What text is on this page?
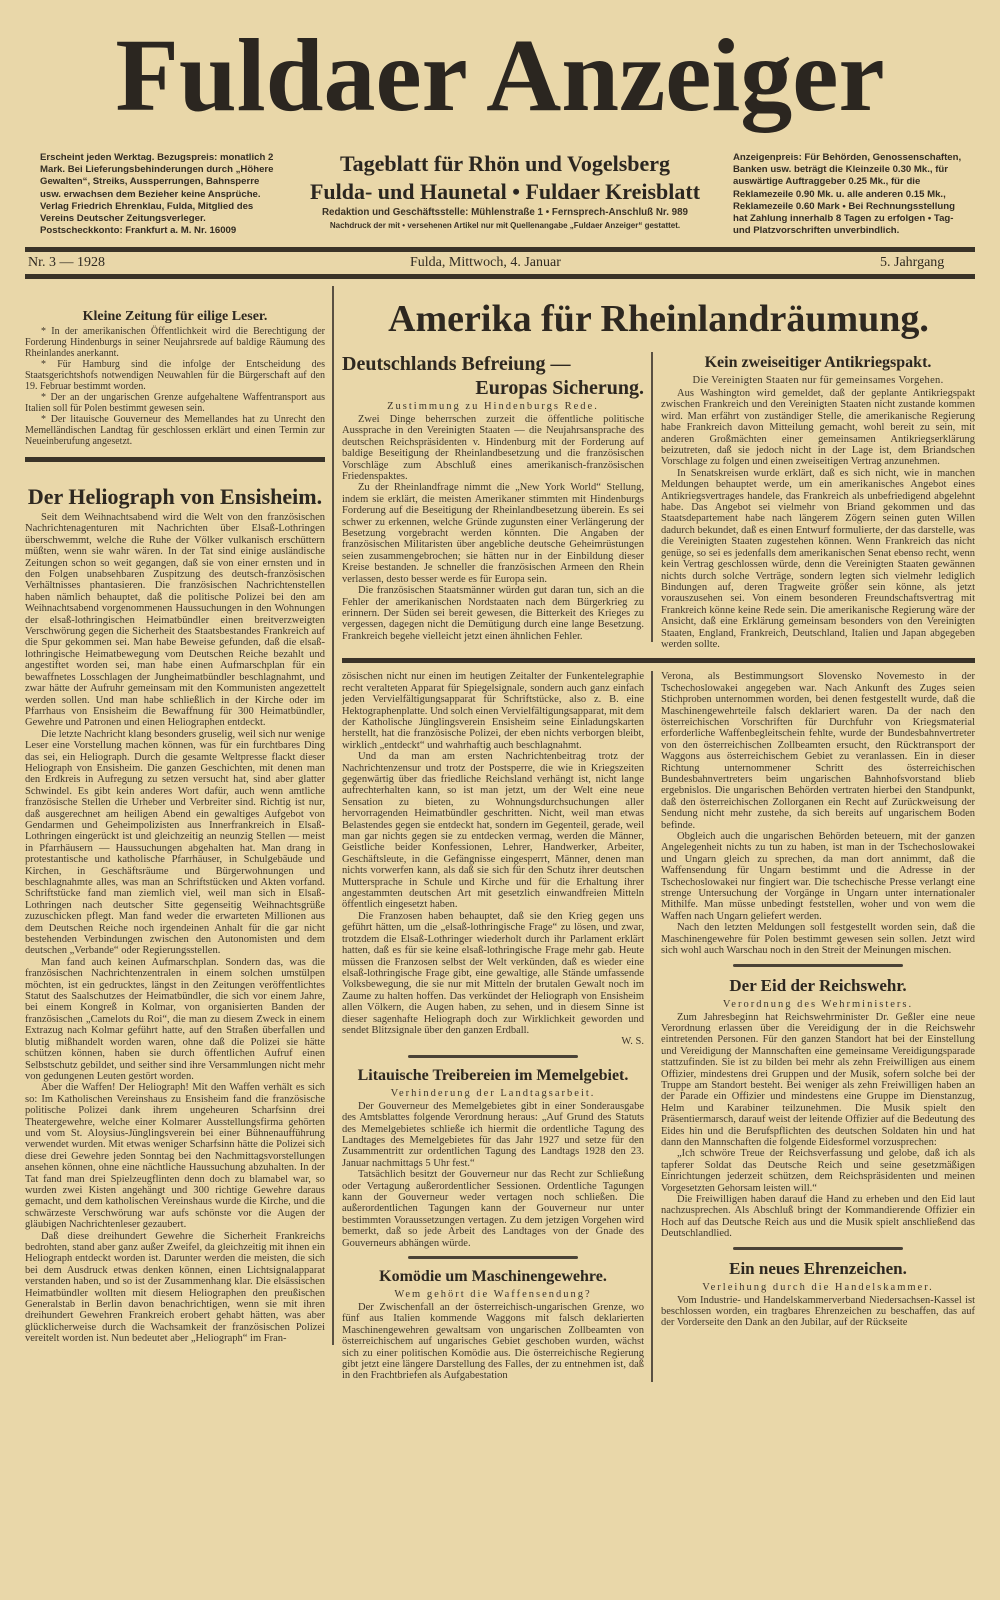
Fuldaer Anzeiger
Erscheint jeden Werktag. Bezugspreis: monatlich 2 Mark. Bei Lieferungsbehinderungen durch „Höhere Gewalten“, Streiks, Aussperrungen, Bahnsperre usw. erwachsen dem Bezieher keine Ansprüche. Verlag Friedrich Ehrenklau, Fulda, Mitglied des Vereins Deutscher Zeitungsverleger. Postscheckkonto: Frankfurt a. M. Nr. 16009
Tageblatt für Rhön und Vogelsberg
Fulda- und Haunetal • Fuldaer Kreisblatt
Redaktion und Geschäftsstelle: Mühlenstraße 1 • Fernsprech-Anschluß Nr. 989
Nachdruck der mit • versehenen Artikel nur mit Quellenangabe „Fuldaer Anzeiger“ gestattet.
Anzeigenpreis: Für Behörden, Genossenschaften, Banken usw. beträgt die Kleinzeile 0.30 Mk., für auswärtige Auftraggeber 0.25 Mk., für die Reklamezeile 0.90 Mk. u. alle anderen 0.15 Mk., Reklamezeile 0.60 Mark • Bei Rechnungsstellung hat Zahlung innerhalb 8 Tagen zu erfolgen • Tag- und Platzvorschriften unverbindlich.
Nr. 3 — 1928	Fulda, Mittwoch, 4. Januar	5. Jahrgang
Kleine Zeitung für eilige Leser.

* In der amerikanischen Öffentlichkeit wird die Berechtigung der Forderung Hindenburgs in seiner Neujahrsrede auf baldige Räumung des Rheinlandes anerkannt.

* Für Hamburg sind die infolge der Entscheidung des Staatsgerichtshofs notwendigen Neuwahlen für die Bürgerschaft auf den 19. Februar bestimmt worden.

* Der an der ungarischen Grenze aufgehaltene Waffentransport aus Italien soll für Polen bestimmt gewesen sein.

* Der litauische Gouverneur des Memellandes hat zu Unrecht den Memelländischen Landtag für geschlossen erklärt und einen Termin zur Neueinberufung angesetzt.

Der Heliograph von Ensisheim.

Seit dem Weihnachtsabend wird die Welt von den französischen Nachrichtenagenturen mit Nachrichten über Elsaß-Lothringen überschwemmt, welche die Ruhe der Völker vulkanisch erschüttern müßten, wenn sie wahr wären. In der Tat sind einige ausländische Zeitungen schon so weit gegangen, daß sie von einer ernsten und in den Folgen unabsehbaren Zuspitzung des deutsch-französischen Verhältnisses phantasieren. Die französischen Nachrichtenstellen haben nämlich behauptet, daß die politische Polizei bei den am Weihnachtsabend vorgenommenen Haussuchungen in den Wohnungen der elsaß-lothringischen Heimatbündler einen breitverzweigten Verschwörung gegen die Sicherheit des Staatsbestandes Frankreich auf die Spur gekommen sei. Man habe Beweise gefunden, daß die elsaß-lothringische Heimatbewegung vom Deutschen Reiche bezahlt und angestiftet worden sei, man habe einen Aufmarschplan für ein bewaffnetes Losschlagen der Jungheimatbündler beschlagnahmt, und zwar hätte der Aufruhr gemeinsam mit den Kommunisten angezettelt werden sollen. Und man habe schließlich in der Kirche oder im Pfarrhaus von Ensisheim die Bewaffnung für 300 Heimatbündler, Gewehre und Patronen und einen Heliographen entdeckt.

Die letzte Nachricht klang besonders gruselig, weil sich nur wenige Leser eine Vorstellung machen können, was für ein furchtbares Ding das sei, ein Heliograph. Durch die gesamte Weltpresse flackt dieser Heliograph von Ensisheim. Die ganzen Geschichten, mit denen man den Erdkreis in Aufregung zu setzen versucht hat, sind aber glatter Schwindel. Es gibt kein anderes Wort dafür, auch wenn amtliche französische Stellen die Urheber und Verbreiter sind. Richtig ist nur, daß ausgerechnet am heiligen Abend ein gewaltiges Aufgebot von Gendarmen und Geheimpolizisten aus Innerfrankreich in Elsaß-Lothringen eingerückt ist und gleichzeitig an neunzig Stellen — meist in Pfarrhäusern — Haussuchungen abgehalten hat. Man drang in protestantische und katholische Pfarrhäuser, in Schulgebäude und Kirchen, in Geschäftsräume und Bürgerwohnungen und beschlagnahmte alles, was man an Schriftstücken und Akten vorfand. Schriftstücke fand man ziemlich viel, weil man sich in Elsaß-Lothringen nach deutscher Sitte gegenseitig Weihnachtsgrüße zuzuschicken pflegt. Man fand weder die erwarteten Millionen aus dem Deutschen Reiche noch irgendeinen Anhalt für die gar nicht bestehenden Verbindungen zwischen den Autonomisten und dem deutschen „Verbande“ oder Regierungsstellen.

Man fand auch keinen Aufmarschplan. Sondern das, was die französischen Nachrichtenzentralen in einem solchen umstülpen möchten, ist ein gedrucktes, längst in den Zeitungen veröffentlichtes Statut des Saalschutzes der Heimatbündler, die sich vor einem Jahre, bei einem Kongreß in Kolmar, von organisierten Banden der französischen „Camelots du Roi“, die man zu diesem Zweck in einem Extrazug nach Kolmar geführt hatte, auf den Straßen überfallen und blutig mißhandelt worden waren, ohne daß die Polizei sie hätte schützen können, haben sie durch öffentlichen Aufruf einen Selbstschutz gebildet, und seither sind ihre Versammlungen nicht mehr von gedungenen Leuten gestört worden.

Aber die Waffen! Der Heliograph! Mit den Waffen verhält es sich so: Im Katholischen Vereinshaus zu Ensisheim fand die französische politische Polizei dank ihrem ungeheuren Scharfsinn drei Theatergewehre, welche einer Kolmarer Ausstellungsfirma gehörten und vom St. Aloysius-Jünglingsverein bei einer Bühnenaufführung verwendet wurden. Mit etwas weniger Scharfsinn hätte die Polizei sich diese drei Gewehre jeden Sonntag bei den Nachmittagsvorstellungen ansehen können, ohne eine nächtliche Haussuchung abzuhalten. In der Tat fand man drei Spielzeugflinten denn doch zu blamabel war, so wurden zwei Kisten angehängt und 300 richtige Gewehre daraus gemacht, und dem katholischen Vereinshaus wurde die Kirche, und die schwärzeste Verschwörung war aufs schönste vor die Augen der gläubigen Nachrichtenleser gezaubert.

Daß diese dreihundert Gewehre die Sicherheit Frankreichs bedrohten, stand aber ganz außer Zweifel, da gleichzeitig mit ihnen ein Heliograph entdeckt worden ist. Darunter werden die meisten, die sich bei dem Ausdruck etwas denken können, einen Lichtsignalapparat verstanden haben, und so ist der Zusammenhang klar. Die elsässischen Heimatbündler wollten mit diesem Heliographen den preußischen Generalstab in Berlin davon benachrichtigen, wenn sie mit ihren dreihundert Gewehren Frankreich erobert gehabt hätten, was aber glücklicherweise durch die Wachsamkeit der französischen Polizei vereitelt worden ist. Nun bedeutet aber „Heliograph“ im Fran-

Amerika für Rheinlandräumung.
Deutschlands Befreiung —
Europas Sicherung.
Zustimmung zu Hindenburgs Rede.

Zwei Dinge beherrschen zurzeit die öffentliche politische Aussprache in den Vereinigten Staaten — die Neujahrsansprache des deutschen Reichspräsidenten v. Hindenburg mit der Forderung auf baldige Beseitigung der Rheinlandbesetzung und die französischen Vorschläge zum Abschluß eines amerikanisch-französischen Friedenspaktes.

Zu der Rheinlandfrage nimmt die „New York World“ Stellung, indem sie erklärt, die meisten Amerikaner stimmten mit Hindenburgs Forderung auf die Beseitigung der Rheinlandbesetzung überein. Es sei schwer zu erkennen, welche Gründe zugunsten einer Verlängerung der Besetzung vorgebracht werden könnten. Die Angaben der französischen Militaristen über angebliche deutsche Geheimrüstungen seien zusammengebrochen; sie hätten nur in der Einbildung dieser Kreise bestanden. Je schneller die französischen Armeen den Rhein verlassen, desto besser werde es für Europa sein.

Die französischen Staatsmänner würden gut daran tun, sich an die Fehler der amerikanischen Nordstaaten nach dem Bürgerkrieg zu erinnern. Der Süden sei bereit gewesen, die Bitterkeit des Krieges zu vergessen, dagegen nicht die Demütigung durch eine lange Besetzung. Frankreich begehe vielleicht jetzt einen ähnlichen Fehler.

Kein zweiseitiger Antikriegspakt.
Die Vereinigten Staaten nur für gemeinsames Vorgehen.

Aus Washington wird gemeldet, daß der geplante Antikriegspakt zwischen Frankreich und den Vereinigten Staaten nicht zustande kommen wird. Man erfährt von zuständiger Stelle, die amerikanische Regierung habe Frankreich davon Mitteilung gemacht, wohl bereit zu sein, mit anderen Großmächten einer gemeinsamen Antikriegserklärung beizutreten, daß sie jedoch nicht in der Lage ist, dem Briandschen Vorschlage zu folgen und einen zweiseitigen Vertrag anzunehmen.

In Senatskreisen wurde erklärt, daß es sich nicht, wie in manchen Meldungen behauptet werde, um ein amerikanisches Angebot eines Antikriegsvertrages handele, das Frankreich als unbefriedigend abgelehnt habe. Das Angebot sei vielmehr von Briand gekommen und das Staatsdepartement habe nach längerem Zögern seinen guten Willen dadurch bekundet, daß es einen Entwurf formulierte, der das darstelle, was die Vereinigten Staaten zugestehen können. Wenn Frankreich das nicht genüge, so sei es jedenfalls dem amerikanischen Senat ebenso recht, wenn kein Vertrag geschlossen würde, denn die Vereinigten Staaten gewännen nichts durch solche Verträge, sondern legten sich vielmehr lediglich Bindungen auf, deren Tragweite größer sein könne, als jetzt vorauszusehen sei. Von einem besonderen Freundschaftsvertrag mit Frankreich könne keine Rede sein. Die amerikanische Regierung wäre der Ansicht, daß eine Erklärung gemeinsam besonders von den Vereinigten Staaten, England, Frankreich, Deutschland, Italien und Japan abgegeben werden sollte.

zösischen nicht nur einen im heutigen Zeitalter der Funkentelegraphie recht veralteten Apparat für Spiegelsignale, sondern auch ganz einfach jeden Vervielfältigungsapparat für Schriftstücke, also z. B. eine Hektographenplatte. Und solch einen Vervielfältigungsapparat, mit dem der Katholische Jünglingsverein Ensisheim seine Einladungskarten herstellt, hat die französische Polizei, der eben nichts verborgen bleibt, wirklich „entdeckt“ und wahrhaftig auch beschlagnahmt.

Und da man am ersten Nachrichtenbeitrag trotz der Nachrichtenzensur und trotz der Postsperre, die wie in Kriegszeiten gegenwärtig über das friedliche Reichsland verhängt ist, nicht lange aufrechterhalten kann, so ist man jetzt, um der Welt eine neue Sensation zu bieten, zu Wohnungsdurchsuchungen aller hervorragenden Heimatbündler geschritten. Nicht, weil man etwas Belastendes gegen sie entdeckt hat, sondern im Gegenteil, gerade, weil man gar nichts gegen sie zu entdecken vermag, werden die Männer, Geistliche beider Konfessionen, Lehrer, Handwerker, Arbeiter, Geschäftsleute, in die Gefängnisse eingesperrt, Männer, denen man nichts vorwerfen kann, als daß sie sich für den Schutz ihrer deutschen Muttersprache in Schule und Kirche und für die Erhaltung ihrer angestammten deutschen Art mit gesetzlich einwandfreien Mitteln öffentlich eingesetzt haben.

Die Franzosen haben behauptet, daß sie den Krieg gegen uns geführt hätten, um die „elsaß-lothringische Frage“ zu lösen, und zwar, trotzdem die Elsaß-Lothringer wiederholt durch ihr Parlament erklärt hatten, daß es für sie keine elsaß-lothringische Frage mehr gab. Heute müssen die Franzosen selbst der Welt verkünden, daß es wieder eine elsaß-lothringische Frage gibt, eine gewaltige, alle Stände umfassende Volksbewegung, die sie nur mit Mitteln der brutalen Gewalt noch im Zaume zu halten hoffen. Das verkündet der Heliograph von Ensisheim allen Völkern, die Augen haben, zu sehen, und in diesem Sinne ist dieser sagenhafte Heliograph doch zur Wirklichkeit geworden und sendet Blitzsignale über den ganzen Erdball.

W. S.
Litauische Treibereien im Memelgebiet.
Verhinderung der Landtagsarbeit.

Der Gouverneur des Memelgebietes gibt in einer Sonderausgabe des Amtsblattes folgende Verordnung heraus: „Auf Grund des Statuts des Memelgebietes schließe ich hiermit die ordentliche Tagung des Landtages des Memelgebietes für das Jahr 1927 und setze für den Zusammentritt zur ordentlichen Tagung des Landtags 1928 den 23. Januar nachmittags 5 Uhr fest.“

Tatsächlich besitzt der Gouverneur nur das Recht zur Schließung oder Vertagung außerordentlicher Sessionen. Ordentliche Tagungen kann der Gouverneur weder vertagen noch schließen. Die außerordentlichen Tagungen kann der Gouverneur nur unter bestimmten Voraussetzungen vertagen. Zu dem jetzigen Vorgehen wird bemerkt, daß so jede Arbeit des Landtages von der Gnade des Gouverneurs abhängen würde.

Komödie um Maschinengewehre.
Wem gehört die Waffensendung?

Der Zwischenfall an der österreichisch-ungarischen Grenze, wo fünf aus Italien kommende Waggons mit falsch deklarierten Maschinengewehren gewaltsam von ungarischen Zollbeamten von österreichischem auf ungarisches Gebiet geschoben wurden, wächst sich zu einer politischen Komödie aus. Die österreichische Regierung gibt jetzt eine längere Darstellung des Falles, der zu entnehmen ist, daß in den Frachtbriefen als Aufgabestation

Verona, als Bestimmungsort Slovensko Novemesto in der Tschechoslowakei angegeben war. Nach Ankunft des Zuges seien Stichproben unternommen worden, bei denen festgestellt wurde, daß die Maschinengewehrteile falsch deklariert waren. Da der nach den österreichischen Vorschriften für Durchfuhr von Kriegsmaterial erforderliche Waffenbegleitschein fehlte, wurde der Bundesbahnvertreter von den österreichischen Zollbeamten ersucht, den Rücktransport der Waggons aus österreichischem Gebiet zu veranlassen. Ein in dieser Richtung unternommener Schritt des österreichischen Bundesbahnvertreters beim ungarischen Bahnhofsvorstand blieb ergebnislos. Die ungarischen Behörden vertraten hierbei den Standpunkt, daß den österreichischen Zollorganen ein Recht auf Zurückweisung der Sendung nicht mehr zustehe, da sich bereits auf ungarischem Boden befinde.

Obgleich auch die ungarischen Behörden beteuern, mit der ganzen Angelegenheit nichts zu tun zu haben, ist man in der Tschechoslowakei und Ungarn gleich zu sprechen, da man dort annimmt, daß die Waffensendung für Ungarn bestimmt und die Adresse in der Tschechoslowakei nur fingiert war. Die tschechische Presse verlangt eine strenge Untersuchung der Vorgänge in Ungarn unter internationaler Mithilfe. Man müsse unbedingt feststellen, woher und von wem die Waffen nach Ungarn geliefert werden.

Nach den letzten Meldungen soll festgestellt worden sein, daß die Maschinengewehre für Polen bestimmt gewesen sein sollen. Jetzt wird sich wohl auch Warschau noch in den Streit der Meinungen mischen.

Der Eid der Reichswehr.
Verordnung des Wehrministers.

Zum Jahresbeginn hat Reichswehrminister Dr. Geßler eine neue Verordnung erlassen über die Vereidigung der in die Reichswehr eintretenden Personen. Für den ganzen Standort hat bei der Einstellung und Vereidigung der Mannschaften eine gemeinsame Vereidigungsparade stattzufinden. Sie ist zu bilden bei mehr als zehn Freiwilligen aus einem Offizier, mindestens drei Gruppen und der Musik, sofern solche bei der Truppe am Standort besteht. Bei weniger als zehn Freiwilligen haben an der Parade ein Offizier und mindestens eine Gruppe im Dienstanzug, Helm und Karabiner teilzunehmen. Die Musik spielt den Präsentiermarsch, darauf weist der leitende Offizier auf die Bedeutung des Eides hin und die Berufspflichten des deutschen Soldaten hin und hat dann den Mannschaften die folgende Eidesformel vorzusprechen:

„Ich schwöre Treue der Reichsverfassung und gelobe, daß ich als tapferer Soldat das Deutsche Reich und seine gesetzmäßigen Einrichtungen jederzeit schützen, dem Reichspräsidenten und meinen Vorgesetzten Gehorsam leisten will.“

Die Freiwilligen haben darauf die Hand zu erheben und den Eid laut nachzusprechen. Als Abschluß bringt der Kommandierende Offizier ein Hoch auf das Deutsche Reich aus und die Musik spielt anschließend das Deutschlandlied.

Ein neues Ehrenzeichen.
Verleihung durch die Handelskammer.

Vom Industrie- und Handelskammerverband Niedersachsen-Kassel ist beschlossen worden, ein tragbares Ehrenzeichen zu beschaffen, das auf der Vorderseite den Dank an den Jubilar, auf der Rückseite
